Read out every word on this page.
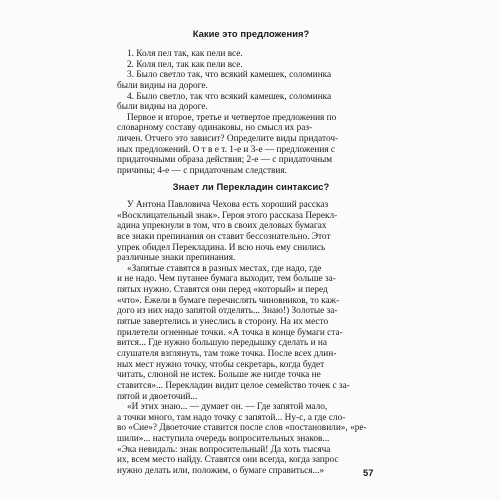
Какие это предложения?
1. Коля пел так, как пели все.
2. Коля пел, так как пели все.
3. Было светло так, что всякий камешек, соломинка
были видны на дороге.
4. Было светло, так что всякий камешек, соломинка
были видны на дороге.
Первое и второе, третье и четвертое предложения по
словарному составу одинаковы, но смысл их раз-
личен. Отчего это зависит? Определите виды придаточ-
ных предложений. О т в е т. 1-е и 3-е — предложения с
придаточными образа действия; 2-е — с придаточным
причины; 4-е — с придаточным следствия.
Знает ли Перекладин синтаксис?
У Антона Павловича Чехова есть хороший рассказ
«Восклицательный знак». Героя этого рассказа Перекл-
адина упрекнули в том, что в своих деловых бумагах
все знаки препинания он ставит бессознательно. Этот
упрек обидел Перекладина. И всю ночь ему снились
различные знаки препинания.
«Запятые ставятся в разных местах, где надо, где
и не надо. Чем путанее бумага выходит, тем больше за-
пятых нужно. Ставятся они перед «который» и перед
«что». Ежели в бумаге перечислять чиновников, то каж-
дого из них надо запятой отделять... Знаю!) Золотые за-
пятые завертелись и унеслись в сторону. На их место
прилетели огненные точки. «А точка в конце бумаги ста-
вится... Где нужно большую передышку сделать и на
слушателя взглянуть, там тоже точка. После всех длин-
ных мест нужно точку, чтобы секретарь, когда будет
читать, слюной не истек. Больше же нигде точка не
ставится»... Перекладин видит целое семейство точек с за-
пятой и двоеточий...
«И этих знаю... — думает он. — Где запятой мало,
а точки много, там надо точку с запятой... Ну-с, а где сло-
во «Сие»? Двоеточие ставится после слов «постановили», «ре-
шили»... наступила очередь вопросительных знаков...
«Эка невидаль: знак вопросительный! Да хоть тысяча
их, всем место найду. Ставятся они всегда, когда запрос
нужно делать или, положим, о бумаге справиться...»	57
